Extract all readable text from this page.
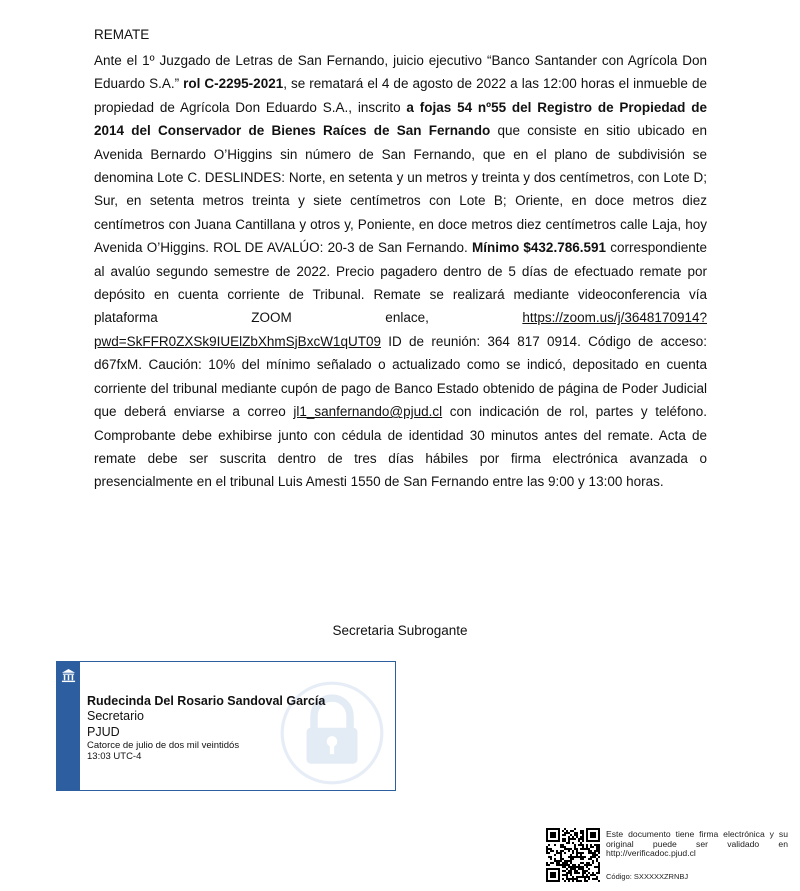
REMATE

Ante el 1º Juzgado de Letras de San Fernando, juicio ejecutivo “Banco Santander con Agrícola Don Eduardo S.A.” rol C-2295-2021, se rematará el 4 de agosto de 2022 a las 12:00 horas el inmueble de propiedad de Agrícola Don Eduardo S.A., inscrito a fojas 54 nº55 del Registro de Propiedad de 2014 del Conservador de Bienes Raíces de San Fernando que consiste en sitio ubicado en Avenida Bernardo O’Higgins sin número de San Fernando, que en el plano de subdivisión se denomina Lote C. DESLINDES: Norte, en setenta y un metros y treinta y dos centímetros, con Lote D; Sur, en setenta metros treinta y siete centímetros con Lote B; Oriente, en doce metros diez centímetros con Juana Cantillana y otros y, Poniente, en doce metros diez centímetros calle Laja, hoy Avenida O’Higgins. ROL DE AVALÚO: 20-3 de San Fernando. Mínimo $432.786.591 correspondiente al avalúo segundo semestre de 2022. Precio pagadero dentro de 5 días de efectuado remate por depósito en cuenta corriente de Tribunal. Remate se realizará mediante videoconferencia vía plataforma ZOOM enlace, https://zoom.us/j/3648170914?pwd=SkFFR0ZXSk9IUElZbXhmSjBxcW1qUT09 ID de reunión: 364 817 0914. Código de acceso: d67fxM. Caución: 10% del mínimo señalado o actualizado como se indicó, depositado en cuenta corriente del tribunal mediante cupón de pago de Banco Estado obtenido de página de Poder Judicial que deberá enviarse a correo jl1_sanfernando@pjud.cl con indicación de rol, partes y teléfono. Comprobante debe exhibirse junto con cédula de identidad 30 minutos antes del remate. Acta de remate debe ser suscrita dentro de tres días hábiles por firma electrónica avanzada o presencialmente en el tribunal Luis Amesti 1550 de San Fernando entre las 9:00 y 13:00 horas.

Secretaria Subrogante
Rudecinda Del Rosario Sandoval García
Secretario
PJUD
Catorce de julio de dos mil veintidós
13:03 UTC-4
Este documento tiene firma electrónica y su original puede ser validado en http://verificadoc.pjud.cl
Código: SXXXXXZRNBJ
